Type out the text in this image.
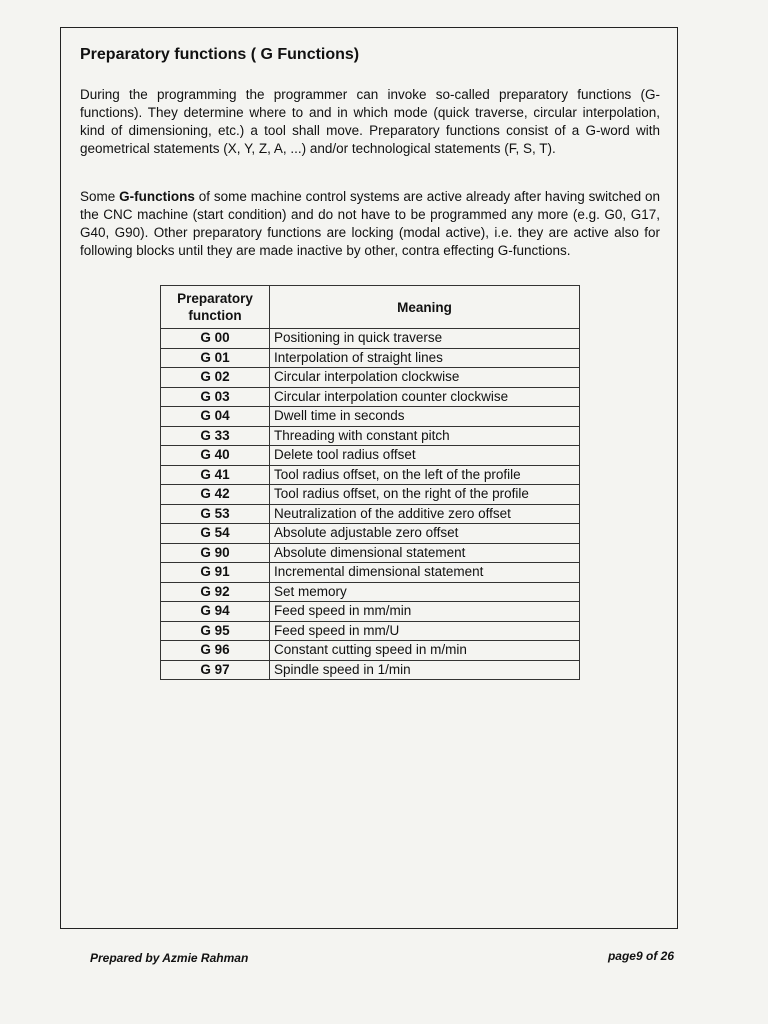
Preparatory functions ( G Functions)

During the programming the programmer can invoke so-called preparatory functions (G-functions). They determine where to and in which mode (quick traverse, circular interpolation, kind of dimensioning, etc.) a tool shall move. Preparatory functions consist of a G-word with geometrical statements (X, Y, Z, A, ...) and/or technological statements (F, S, T).

Some G-functions of some machine control systems are active already after having switched on the CNC machine (start condition) and do not have to be programmed any more (e.g. G0, G17, G40, G90). Other preparatory functions are locking (modal active), i.e. they are active also for following blocks until they are made inactive by other, contra effecting G-functions.

Preparatory function	Meaning
G 00	Positioning in quick traverse
G 01	Interpolation of straight lines
G 02	Circular interpolation clockwise
G 03	Circular interpolation counter clockwise
G 04	Dwell time in seconds
G 33	Threading with constant pitch
G 40	Delete tool radius offset
G 41	Tool radius offset, on the left of the profile
G 42	Tool radius offset, on the right of the profile
G 53	Neutralization of the additive zero offset
G 54	Absolute adjustable zero offset
G 90	Absolute dimensional statement
G 91	Incremental dimensional statement
G 92	Set memory
G 94	Feed speed in mm/min
G 95	Feed speed in mm/U
G 96	Constant cutting speed in m/min
G 97	Spindle speed in 1/min
Prepared by Azmie Rahman	page9 of 26
